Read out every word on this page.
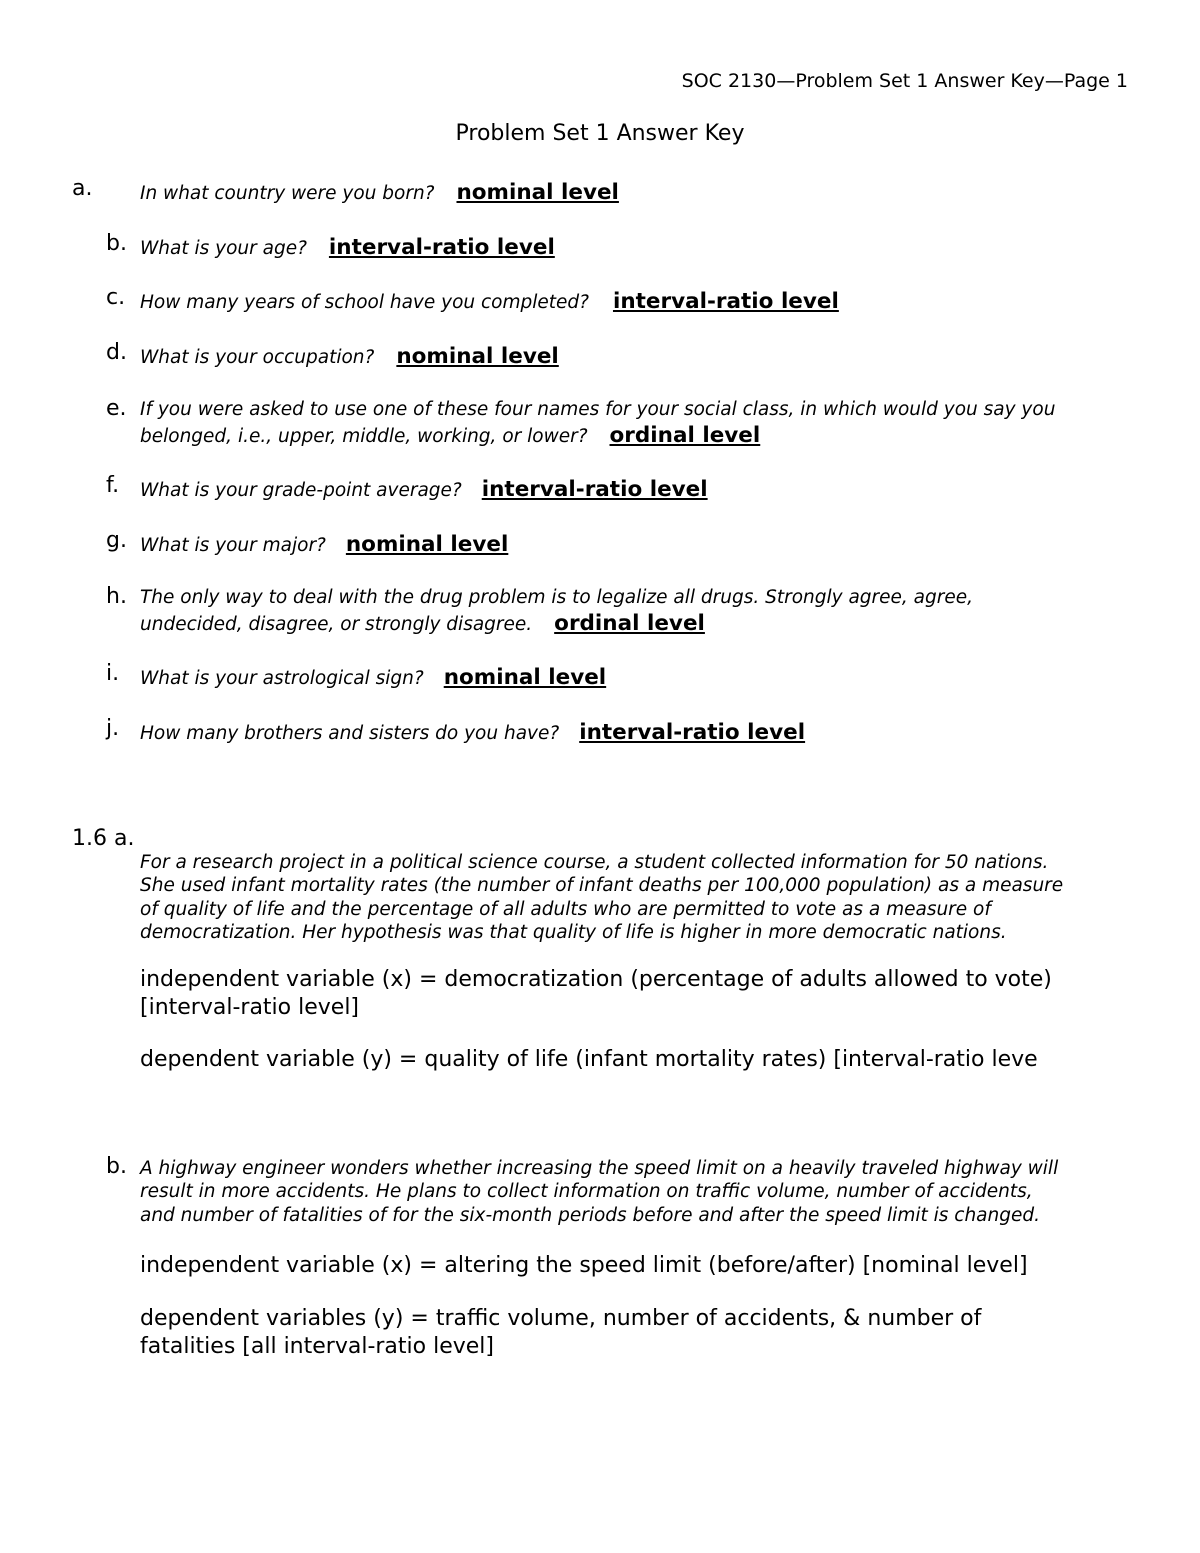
SOC 2130—Problem Set 1 Answer Key—Page 1
Problem Set 1 Answer Key
a.	In what country were you born? nominal level
b. What is your age? interval-ratio level
c. How many years of school have you completed? interval-ratio level
d. What is your occupation? nominal level
e. If you were asked to use one of these four names for your social class, in which would you say you
belonged, i.e., upper, middle, working, or lower? ordinal level
f. What is your grade-point average? interval-ratio level
g. What is your major? nominal level
h. The only way to deal with the drug problem is to legalize all drugs. Strongly agree, agree,
undecided, disagree, or strongly disagree. ordinal level
i. What is your astrological sign? nominal level
j. How many brothers and sisters do you have? interval-ratio level
1.6 a.
For a research project in a political science course, a student collected information for 50 nations.
She used infant mortality rates (the number of infant deaths per 100,000 population) as a measure
of quality of life and the percentage of all adults who are permitted to vote as a measure of
democratization. Her hypothesis was that quality of life is higher in more democratic nations.
independent variable (x) = democratization (percentage of adults allowed to vote)
[interval-ratio level]
dependent variable (y) = quality of life (infant mortality rates) [interval-ratio leve
b. A highway engineer wonders whether increasing the speed limit on a heavily traveled highway will
result in more accidents. He plans to collect information on traffic volume, number of accidents,
and number of fatalities of for the six-month periods before and after the speed limit is changed.
independent variable (x) = altering the speed limit (before/after) [nominal level]
dependent variables (y) = traffic volume, number of accidents, & number of
fatalities [all interval-ratio level]
